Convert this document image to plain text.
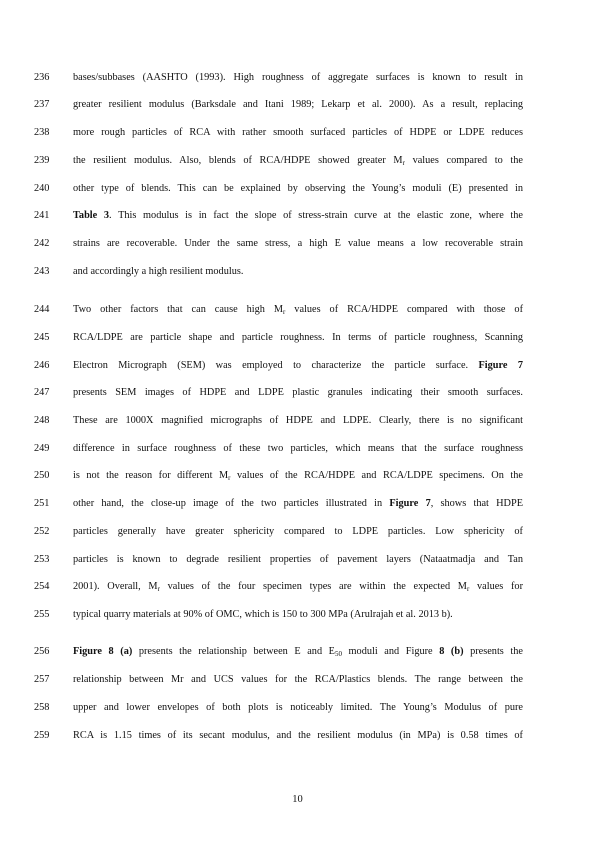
236	bases/subbases (AASHTO (1993). High roughness of aggregate surfaces is known to result in
237	greater resilient modulus (Barksdale and Itani 1989; Lekarp et al. 2000). As a result, replacing
238	more rough particles of RCA with rather smooth surfaced particles of HDPE or LDPE reduces
239	the resilient modulus. Also, blends of RCA/HDPE showed greater $M_r$ values compared to the
240	other type of blends. This can be explained by observing the Young’s moduli (E) presented in
241	Table 3. This modulus is in fact the slope of stress-strain curve at the elastic zone, where the
242	strains are recoverable. Under the same stress, a high E value means a low recoverable strain
243	and accordingly a high resilient modulus.
244	Two other factors that can cause high $M_r$ values of RCA/HDPE compared with those of
245	RCA/LDPE are particle shape and particle roughness. In terms of particle roughness, Scanning
246	Electron Micrograph (SEM) was employed to characterize the particle surface. Figure 7
247	presents SEM images of HDPE and LDPE plastic granules indicating their smooth surfaces.
248	These are 1000X magnified micrographs of HDPE and LDPE. Clearly, there is no significant
249	difference in surface roughness of these two particles, which means that the surface roughness
250	is not the reason for different $M_r$ values of the RCA/HDPE and RCA/LDPE specimens. On the
251	other hand, the close-up image of the two particles illustrated in Figure 7, shows that HDPE
252	particles generally have greater sphericity compared to LDPE particles. Low sphericity of
253	particles is known to degrade resilient properties of pavement layers (Nataatmadja and Tan
254	2001). Overall, $M_r$ values of the four specimen types are within the expected $M_r$ values for
255	typical quarry materials at 90% of OMC, which is 150 to 300 MPa (Arulrajah et al. 2013 b).
256	Figure 8 (a) presents the relationship between E and $E_{50}$ moduli and Figure 8 (b) presents the
257	relationship between Mr and UCS values for the RCA/Plastics blends. The range between the
258	upper and lower envelopes of both plots is noticeably limited. The Young’s Modulus of pure
259	RCA is 1.15 times of its secant modulus, and the resilient modulus (in MPa) is 0.58 times of
10
